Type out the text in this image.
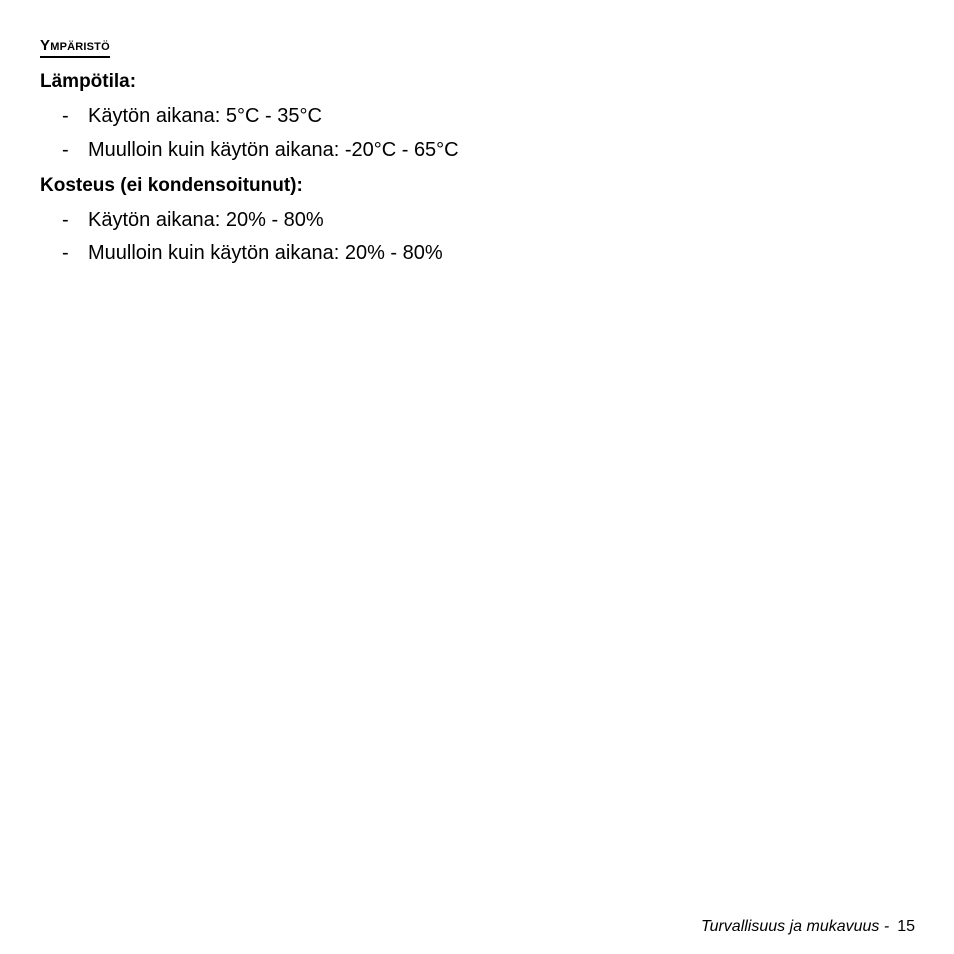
Ympäristö
Lämpötila:
- Käytön aikana: 5°C - 35°C
- Muulloin kuin käytön aikana: -20°C - 65°C
Kosteus (ei kondensoitunut):
- Käytön aikana: 20% - 80%
- Muulloin kuin käytön aikana: 20% - 80%
Turvallisuus ja mukavuus - 15
